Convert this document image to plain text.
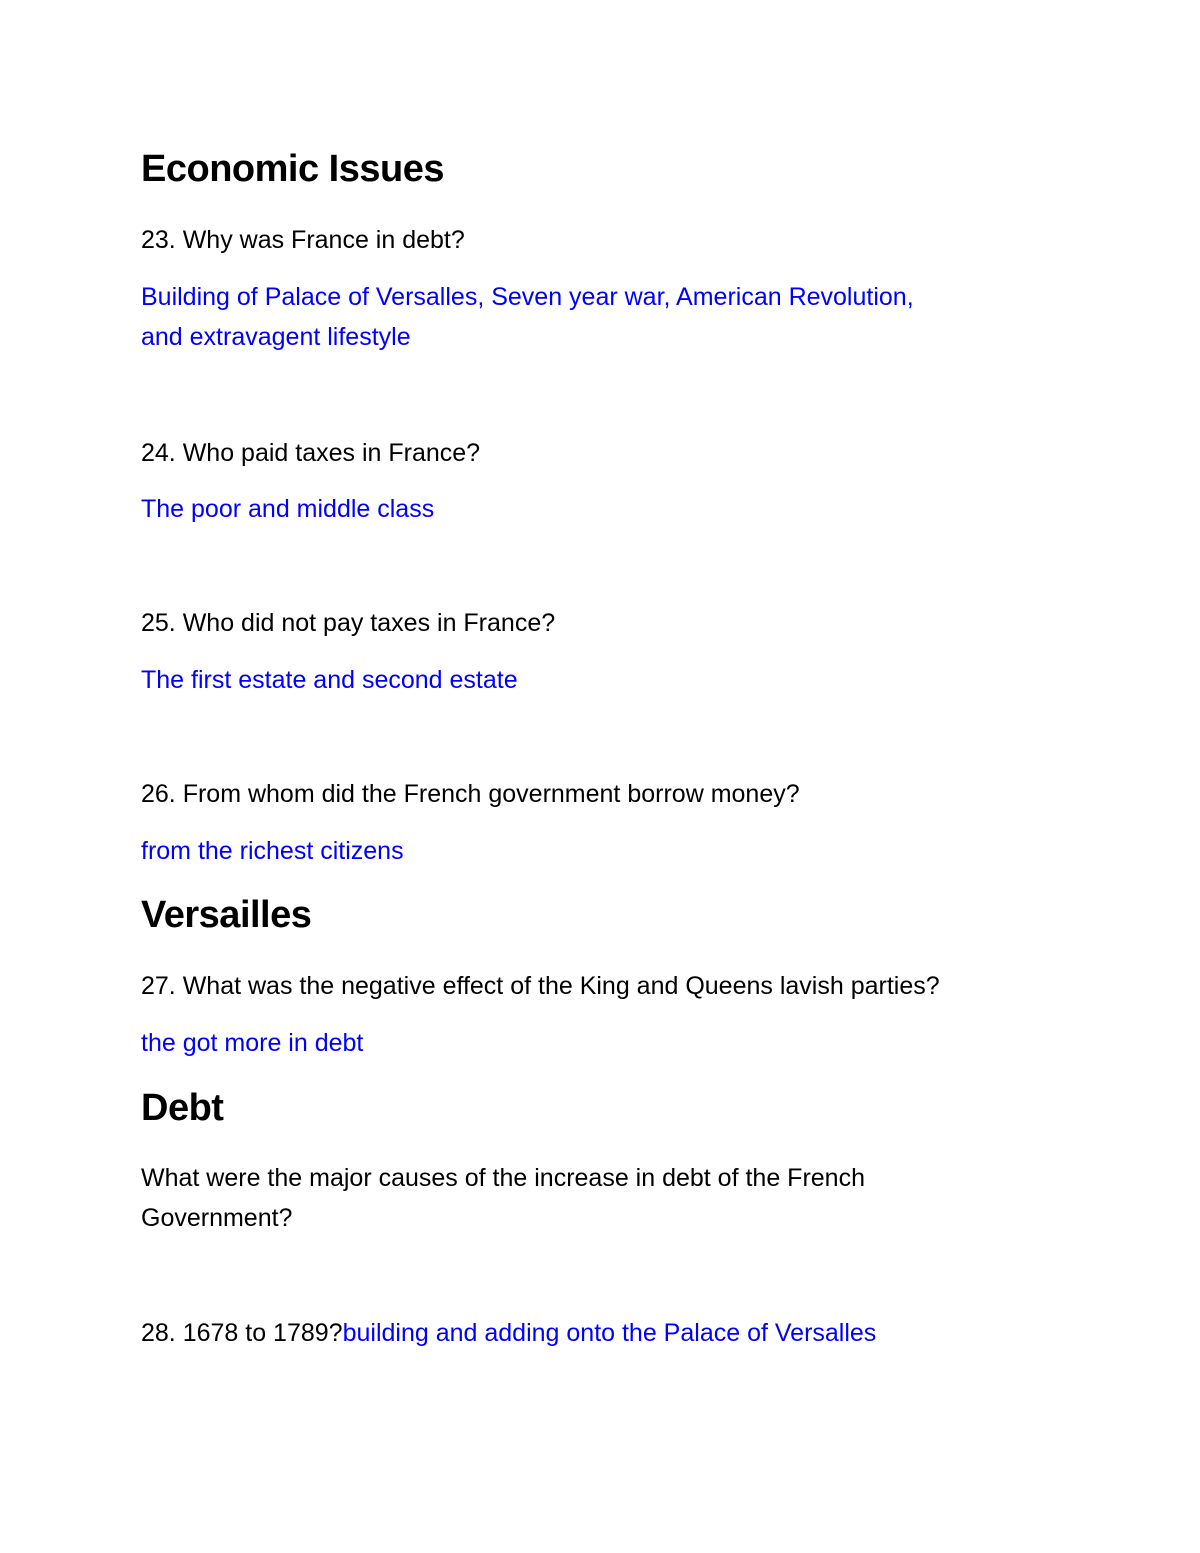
Economic Issues

23. Why was France in debt?

Building of Palace of Versalles, Seven year war, American Revolution,

and extravagent lifestyle

24. Who paid taxes in France?

The poor and middle class

25. Who did not pay taxes in France?

The first estate and second estate

26. From whom did the French government borrow money?

from the richest citizens

Versailles

27. What was the negative effect of the King and Queens lavish parties?

the got more in debt

Debt

What were the major causes of the increase in debt of the French

Government?

28. 1678 to 1789?building and adding onto the Palace of Versalles
